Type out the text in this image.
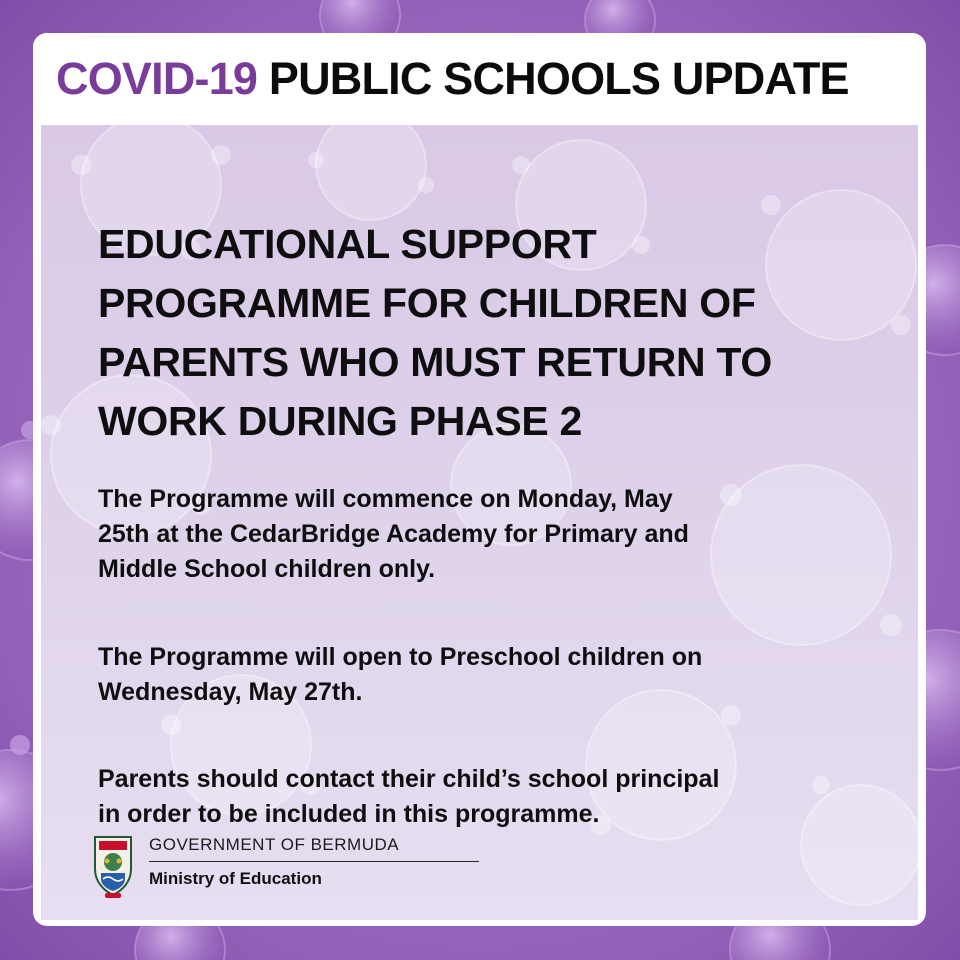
COVID-19 PUBLIC SCHOOLS UPDATE
EDUCATIONAL SUPPORT
PROGRAMME FOR CHILDREN OF
PARENTS WHO MUST RETURN TO
WORK DURING PHASE 2
The Programme will commence on Monday, May
25th at the CedarBridge Academy for Primary and
Middle School children only.
The Programme will open to Preschool children on
Wednesday, May 27th.
Parents should contact their child’s school principal
in order to be included in this programme.
GOVERNMENT OF BERMUDA
Ministry of Education
